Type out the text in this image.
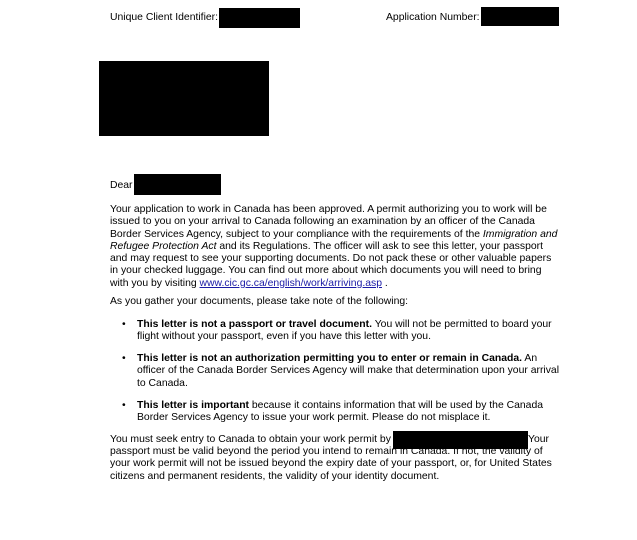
Unique Client Identifier:	Application Number:
Dear
Your application to work in Canada has been approved. A permit authorizing you to work will be issued to you on your arrival to Canada following an examination by an officer of the Canada Border Services Agency, subject to your compliance with the requirements of the Immigration and Refugee Protection Act and its Regulations. The officer will ask to see this letter, your passport and may request to see your supporting documents. Do not pack these or other valuable papers in your checked luggage. You can find out more about which documents you will need to bring with you by visiting www.cic.gc.ca/english/work/arriving.asp .
As you gather your documents, please take note of the following:
•	This letter is not a passport or travel document. You will not be permitted to board your flight without your passport, even if you have this letter with you.
•	This letter is not an authorization permitting you to enter or remain in Canada. An officer of the Canada Border Services Agency will make that determination upon your arrival to Canada.
•	This letter is important because it contains information that will be used by the Canada Border Services Agency to issue your work permit. Please do not misplace it.
You must seek entry to Canada to obtain your work permit by	Your
passport must be valid beyond the period you intend to remain in Canada. If not, the validity of your work permit will not be issued beyond the expiry date of your passport, or, for United States citizens and permanent residents, the validity of your identity document.
